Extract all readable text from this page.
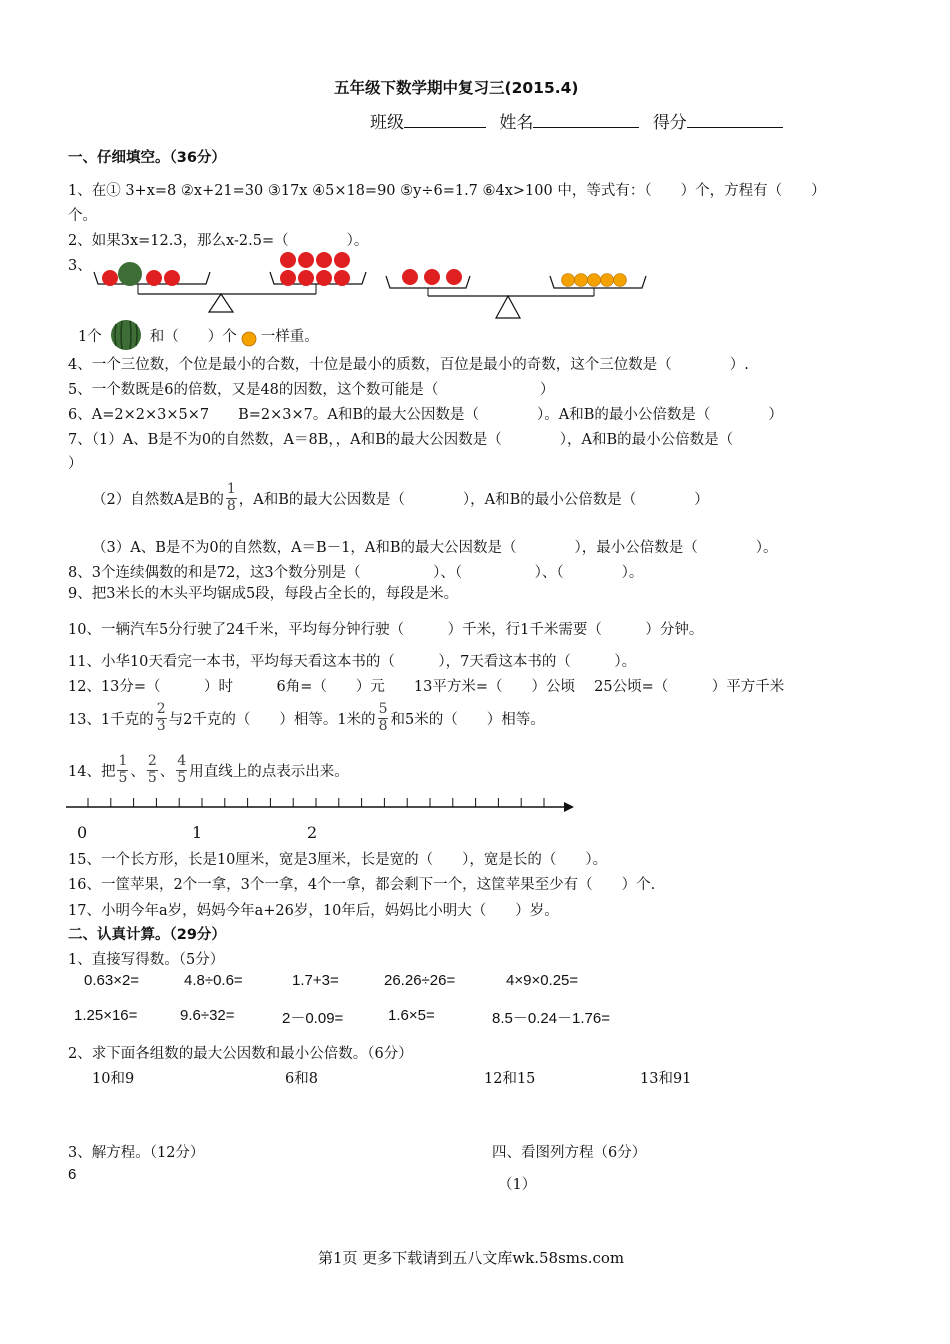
五年级下数学期中复习三(2015.4)
班级	姓名	得分
一、仔细填空。（36分）
1、在① 3+x=8 ②x+21=30 ③17x ④5×18=90 ⑤y÷6=1.7 ⑥4x>100 中，等式有：（　　）个，方程有（　　）
个。
2、如果3x=12.3，那么x-2.5=（　　　　）。
3、
1个	和（　　）个 一样重。
4、一个三位数，个位是最小的合数，十位是最小的质数，百位是最小的奇数，这个三位数是（　　　　）.
5、一个数既是6的倍数，又是48的因数，这个数可能是（　　　　　　　）
6、A=2×2×3×5×7　　B=2×3×7。A和B的最大公因数是（　　　　）。A和B的最小公倍数是（　　　　）
7、（1）A、B是不为0的自然数，A＝8B，，A和B的最大公因数是（　　　　），A和B的最小公倍数是（
）
（2）自然数A是B的 $\frac{1}{8}$ ，A和B的最大公因数是（　　　　），A和B的最小公倍数是（　　　　）
（3）A、B是不为0的自然数，A＝B－1，A和B的最大公因数是（　　　　），最小公倍数是（　　　　）。
8、3个连续偶数的和是72，这3个数分别是（　　　　　）、（　　　　　）、（　　　　）。
9、把3米长的木头平均锯成5段，每段占全长的，每段是米。
10、一辆汽车5分行驶了24千米，平均每分钟行驶（　　　）千米，行1千米需要（　　　）分钟。
11、小华10天看完一本书，平均每天看这本书的（　　　），7天看这本书的（　　　）。
12、13分=（　　　）时　　　6角=（　　）元　　13平方米=（　　）公顷　 25公顷=（　　　）平方千米
13、1千克的 $\frac{2}{3}$ 与2千克的（　　）相等。1米的 $\frac{5}{8}$ 和5米的（　　）相等。
14、把 $\frac{1}{5}$ 、 $\frac{2}{5}$ 、 $\frac{4}{5}$ 用直线上的点表示出来。
0	1	2
15、一个长方形，长是10厘米，宽是3厘米，长是宽的（　　），宽是长的（　　）。
16、一筐苹果，2个一拿，3个一拿，4个一拿，都会剩下一个，这筐苹果至少有（　　）个.
17、小明今年a岁，妈妈今年a+26岁，10年后，妈妈比小明大（　　）岁。
二、认真计算。（29分）
1、直接写得数。（5分）
0.63×2=	4.8÷0.6=	1.7+3=	26.26÷26=	4×9×0.25=
1.25×16=	9.6÷32=	2－0.09=	1.6×5=	8.5－0.24－1.76=
2、求下面各组数的最大公因数和最小公倍数。（6分）
10和9	6和8	12和15	13和91
3、解方程。（12分）
6
四、看图列方程（6分）
（1）
第1页 更多下载请到五八文库wk.58sms.com
